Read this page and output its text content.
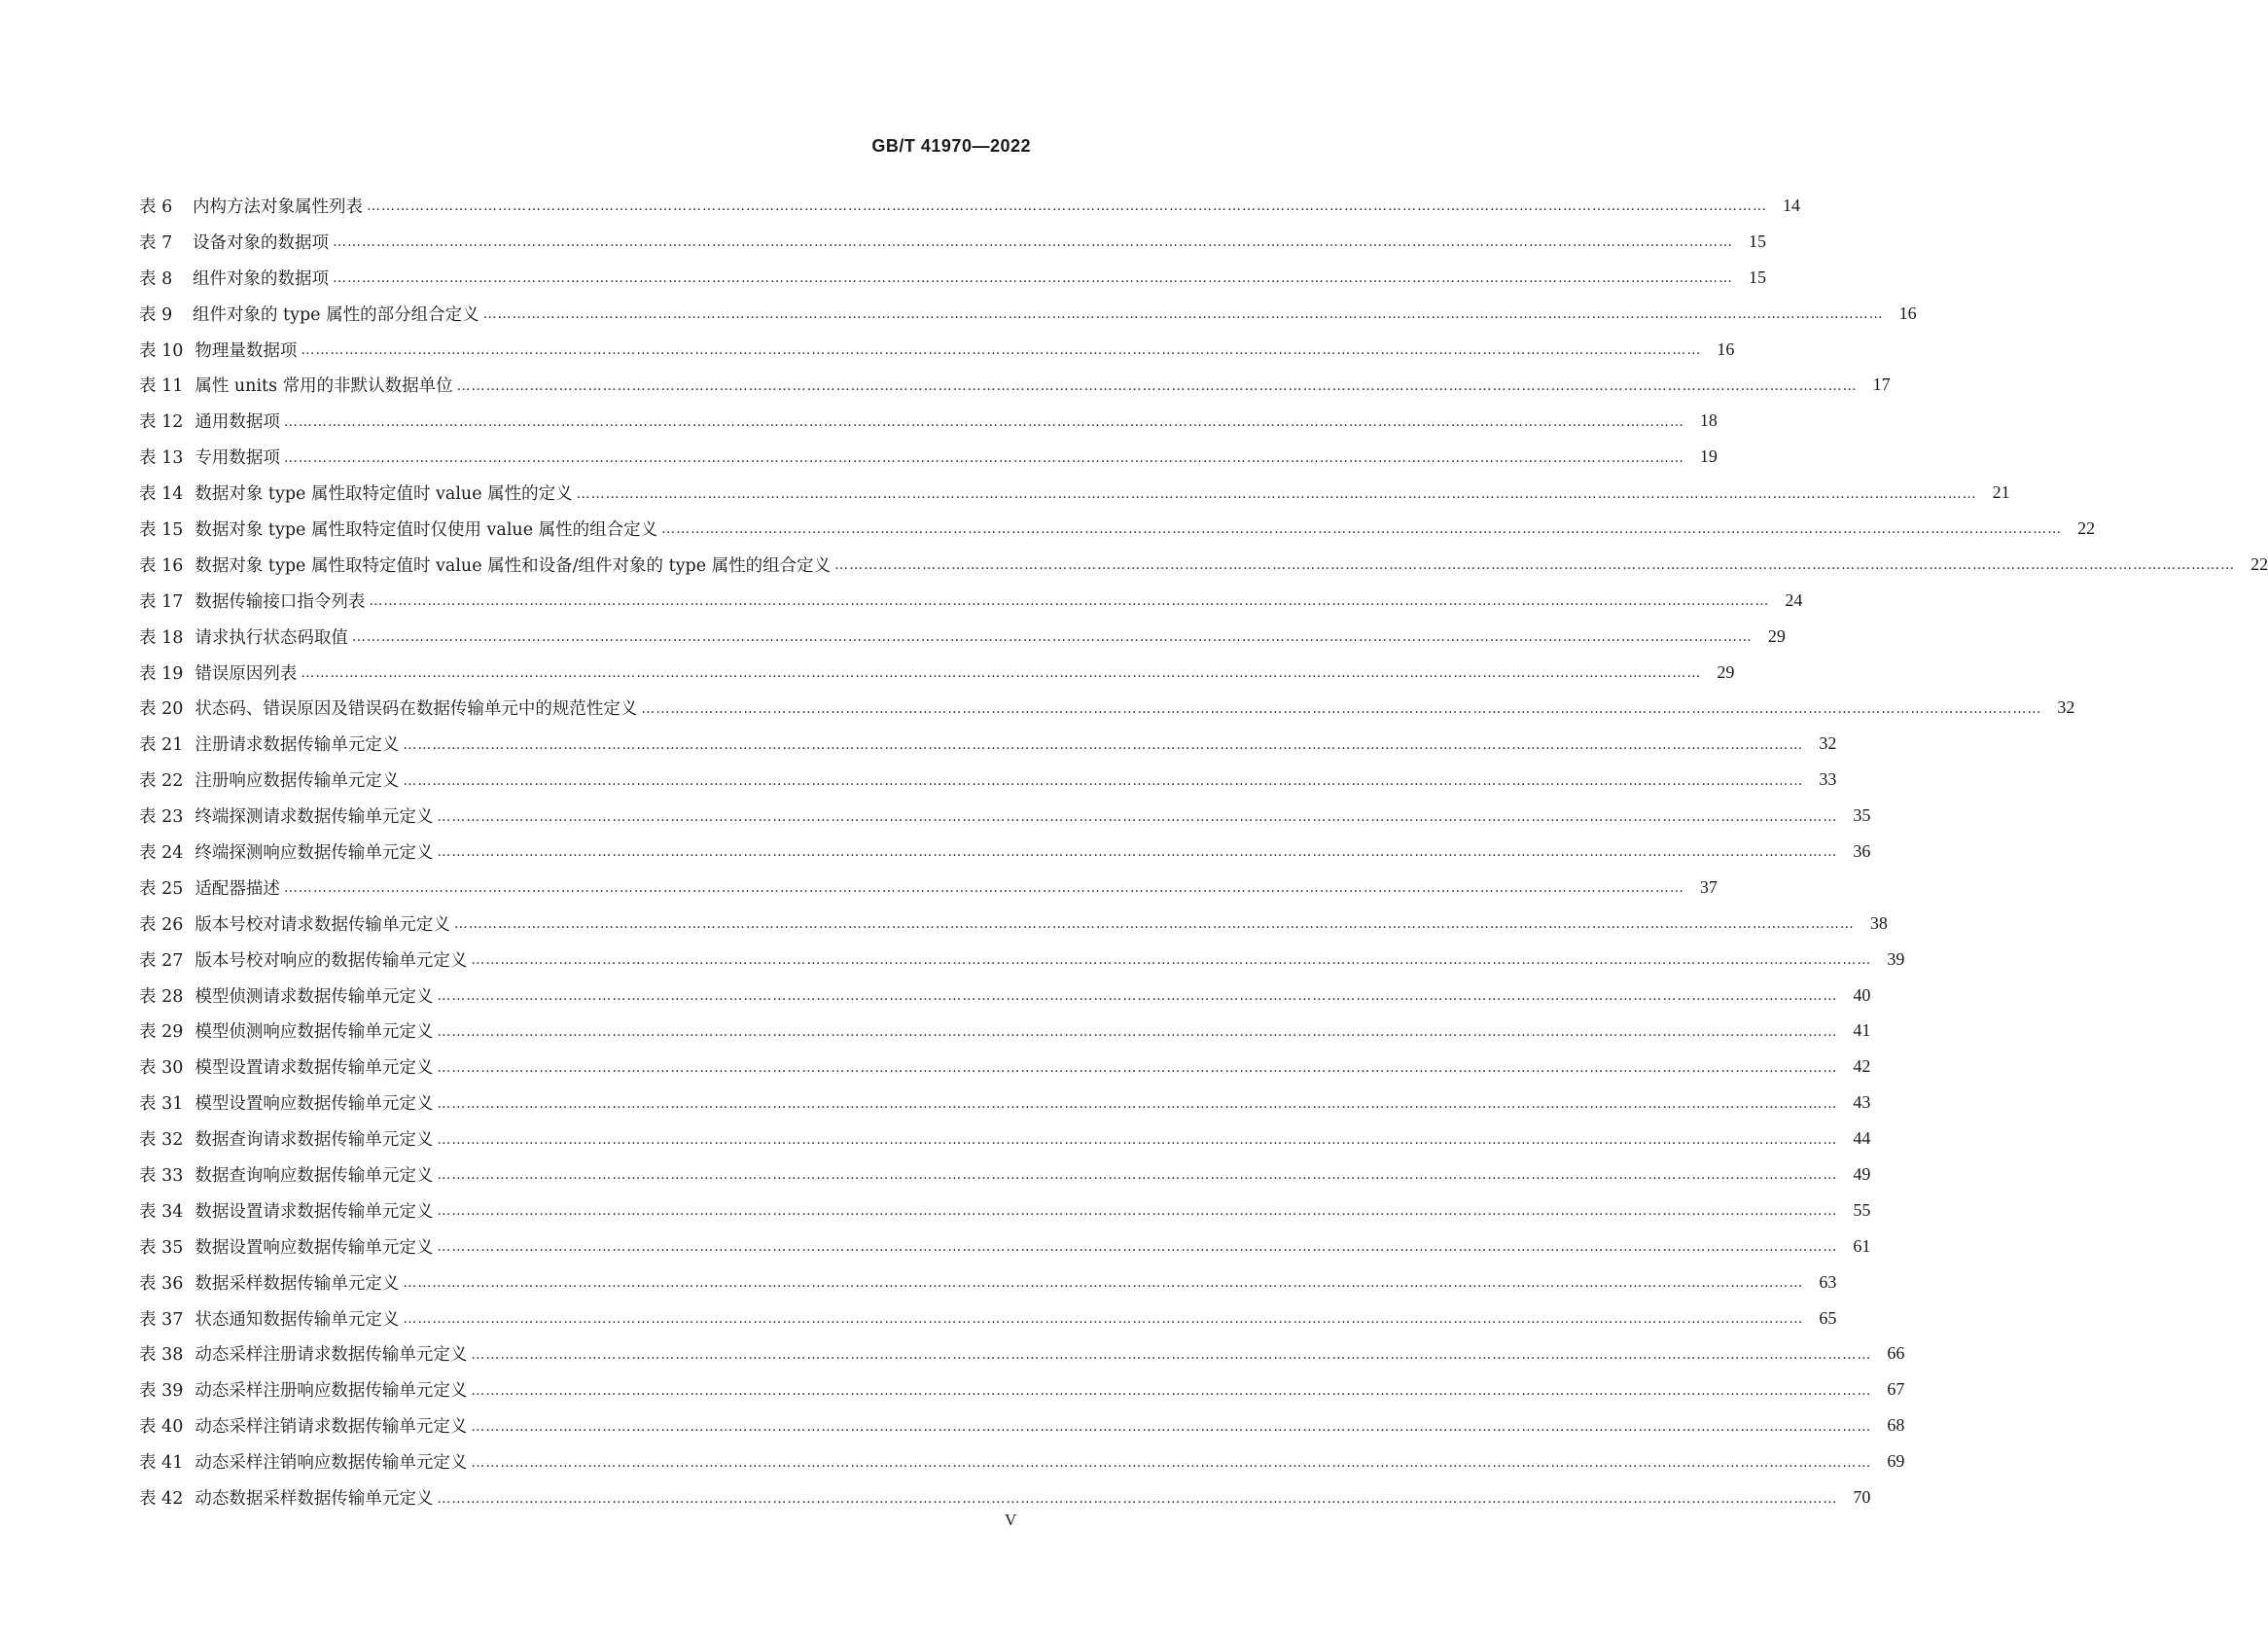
GB/T 41970—2022
表 6	内构方法对象属性列表 ………………………………………………………………………………………………………………………………………………………………………………………………………………………………………………………………	14
表 7	设备对象的数据项 ………………………………………………………………………………………………………………………………………………………………………………………………………………………………………………………………	15
表 8	组件对象的数据项 ………………………………………………………………………………………………………………………………………………………………………………………………………………………………………………………………	15
表 9	组件对象的 type 属性的部分组合定义 ………………………………………………………………………………………………………………………………………………………………………………………………………………………………………………………………	16
表 10 物理量数据项 ………………………………………………………………………………………………………………………………………………………………………………………………………………………………………………………………	16
表 11 属性 units 常用的非默认数据单位 ………………………………………………………………………………………………………………………………………………………………………………………………………………………………………………………………	17
表 12 通用数据项 ………………………………………………………………………………………………………………………………………………………………………………………………………………………………………………………………	18
表 13 专用数据项 ………………………………………………………………………………………………………………………………………………………………………………………………………………………………………………………………	19
表 14 数据对象 type 属性取特定值时 value 属性的定义 ………………………………………………………………………………………………………………………………………………………………………………………………………………………………………………………………	21
表 15 数据对象 type 属性取特定值时仅使用 value 属性的组合定义 ………………………………………………………………………………………………………………………………………………………………………………………………………………………………………………………………	22
表 16 数据对象 type 属性取特定值时 value 属性和设备/组件对象的 type 属性的组合定义 ………………………………………………………………………………………………………………………………………………………………………………………………………………………………………………………………	22
表 17 数据传输接口指令列表 ………………………………………………………………………………………………………………………………………………………………………………………………………………………………………………………………	24
表 18 请求执行状态码取值 ………………………………………………………………………………………………………………………………………………………………………………………………………………………………………………………………	29
表 19 错误原因列表 ………………………………………………………………………………………………………………………………………………………………………………………………………………………………………………………………	29
表 20 状态码、错误原因及错误码在数据传输单元中的规范性定义 ………………………………………………………………………………………………………………………………………………………………………………………………………………………………………………………………	32
表 21 注册请求数据传输单元定义 ………………………………………………………………………………………………………………………………………………………………………………………………………………………………………………………………	32
表 22 注册响应数据传输单元定义 ………………………………………………………………………………………………………………………………………………………………………………………………………………………………………………………………	33
表 23 终端探测请求数据传输单元定义 ………………………………………………………………………………………………………………………………………………………………………………………………………………………………………………………………	35
表 24 终端探测响应数据传输单元定义 ………………………………………………………………………………………………………………………………………………………………………………………………………………………………………………………………	36
表 25 适配器描述 ………………………………………………………………………………………………………………………………………………………………………………………………………………………………………………………………	37
表 26 版本号校对请求数据传输单元定义 ………………………………………………………………………………………………………………………………………………………………………………………………………………………………………………………………	38
表 27 版本号校对响应的数据传输单元定义 ………………………………………………………………………………………………………………………………………………………………………………………………………………………………………………………………	39
表 28 模型侦测请求数据传输单元定义 ………………………………………………………………………………………………………………………………………………………………………………………………………………………………………………………………	40
表 29 模型侦测响应数据传输单元定义 ………………………………………………………………………………………………………………………………………………………………………………………………………………………………………………………………	41
表 30 模型设置请求数据传输单元定义 ………………………………………………………………………………………………………………………………………………………………………………………………………………………………………………………………	42
表 31 模型设置响应数据传输单元定义 ………………………………………………………………………………………………………………………………………………………………………………………………………………………………………………………………	43
表 32 数据查询请求数据传输单元定义 ………………………………………………………………………………………………………………………………………………………………………………………………………………………………………………………………	44
表 33 数据查询响应数据传输单元定义 ………………………………………………………………………………………………………………………………………………………………………………………………………………………………………………………………	49
表 34 数据设置请求数据传输单元定义 ………………………………………………………………………………………………………………………………………………………………………………………………………………………………………………………………	55
表 35 数据设置响应数据传输单元定义 ………………………………………………………………………………………………………………………………………………………………………………………………………………………………………………………………	61
表 36 数据采样数据传输单元定义 ………………………………………………………………………………………………………………………………………………………………………………………………………………………………………………………………	63
表 37 状态通知数据传输单元定义 ………………………………………………………………………………………………………………………………………………………………………………………………………………………………………………………………	65
表 38 动态采样注册请求数据传输单元定义 ………………………………………………………………………………………………………………………………………………………………………………………………………………………………………………………………	66
表 39 动态采样注册响应数据传输单元定义 ………………………………………………………………………………………………………………………………………………………………………………………………………………………………………………………………	67
表 40 动态采样注销请求数据传输单元定义 ………………………………………………………………………………………………………………………………………………………………………………………………………………………………………………………………	68
表 41 动态采样注销响应数据传输单元定义 ………………………………………………………………………………………………………………………………………………………………………………………………………………………………………………………………	69
表 42 动态数据采样数据传输单元定义 ………………………………………………………………………………………………………………………………………………………………………………………………………………………………………………………………	70
V
